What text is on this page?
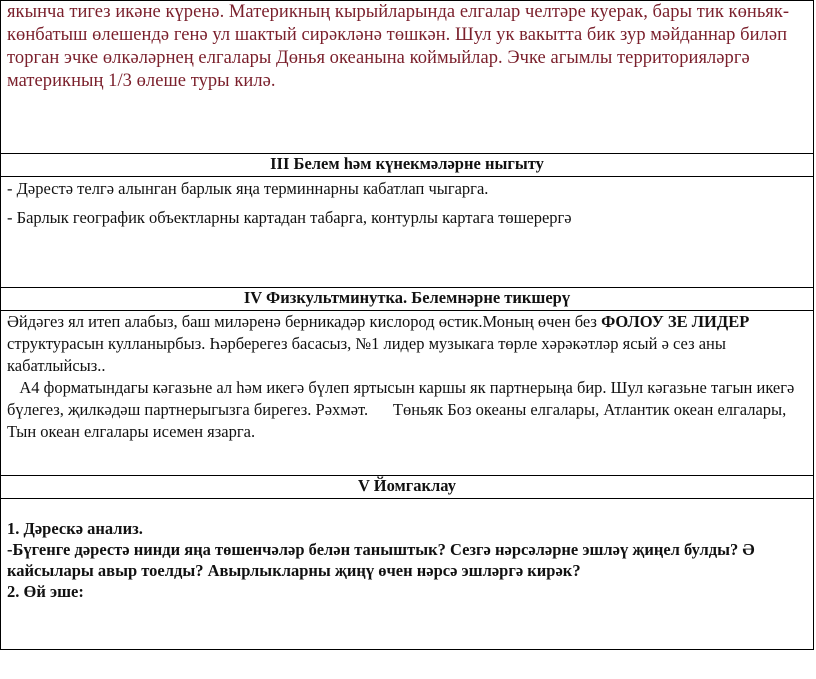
якынча тигез икәне күренә. Материкның кырыйларында елгалар челтәре куерак, бары тик көньяк-көнбатыш өлешендә генә ул шактый сирәкләнә төшкән. Шул ук вакытта бик зур мәйданнар биләп торган эчке өлкәләрнең елгалары Дөнья океанына коймыйлар. Эчке агымлы территорияләргә материкның 1/3 өлеше туры килә.

III Белем һәм күнекмәләрне ныгыту

- Дәрестә телгә алынган барлык яңа терминнарны кабатлап чыгарга.

- Барлык географик объектларны картадан табарга, контурлы картага төшерергә

IV Физкультминутка. Белемнәрне тикшерү

Әйдәгез ял итеп алабыз, баш миләренә берникадәр кислород өстик.Моның өчен без ФОЛОУ ЗЕ ЛИДЕР структурасын кулланырбыз. Һәрберегез басасыз, №1 лидер музыкага төрле хәрәкәтләр ясый ә сез аны кабатлыйсыз..

А4 форматындагы кәгазьне ал һәм икегә бүлеп яртысын каршы як партнерыңа бир. Шул кәгазьне тагын икегә бүлегез, җилкәдәш партнерыгызга бирегез. Рәхмәт.      Төньяк Боз океаны елгалары, Атлантик океан елгалары, Тын океан елгалары исемен язарга.

V Йомгаклау

1. Дәрескә анализ.

-Бүгенге дәрестә нинди яңа төшенчәләр белән таныштык? Сезгә нәрсәләрне эшләү җиңел булды? Ә кайсылары авыр тоелды? Авырлыкларны җиңү өчен нәрсә эшләргә кирәк?

2. Өй эше:
